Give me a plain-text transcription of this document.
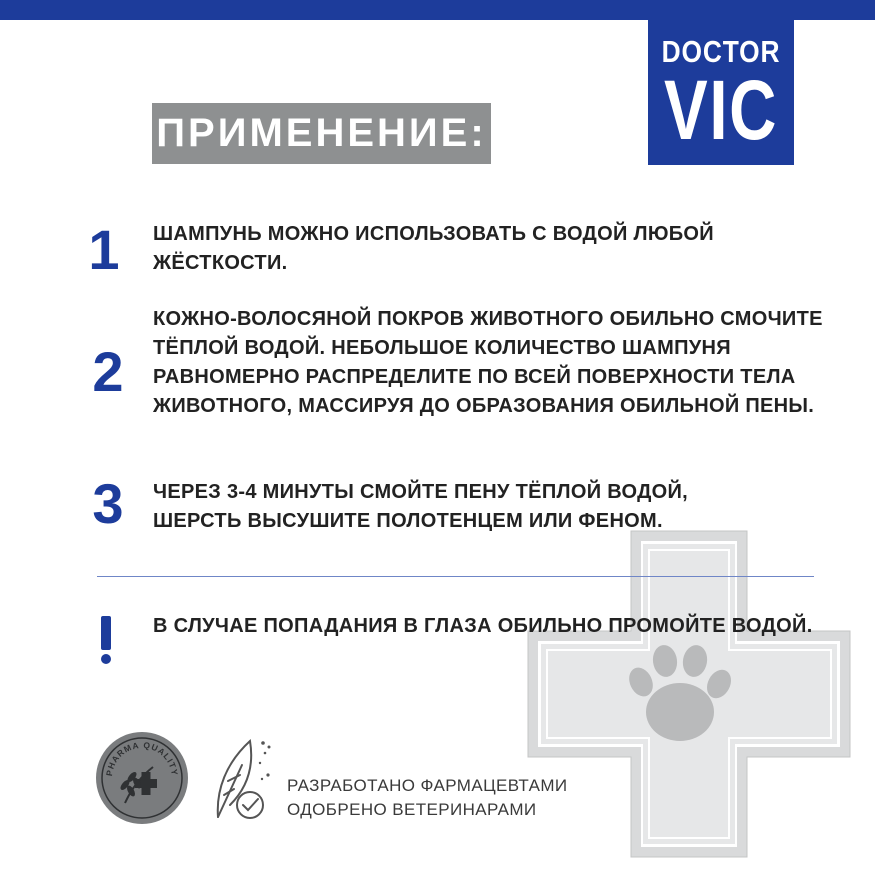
DOCTOR
VIC
ПРИМЕНЕНИЕ:
1 ШАМПУНЬ МОЖНО ИСПОЛЬЗОВАТЬ С ВОДОЙ ЛЮБОЙ ЖЁСТКОСТИ.
2
КОЖНО-ВОЛОСЯНОЙ ПОКРОВ ЖИВОТНОГО ОБИЛЬНО СМОЧИТЕ ТЁПЛОЙ ВОДОЙ. НЕБОЛЬШОЕ КОЛИЧЕСТВО ШАМПУНЯ РАВНОМЕРНО РАСПРЕДЕЛИТЕ ПО ВСЕЙ ПОВЕРХНОСТИ ТЕЛА ЖИВОТНОГО, МАССИРУЯ ДО ОБРАЗОВАНИЯ ОБИЛЬНОЙ ПЕНЫ.
3 ЧЕРЕЗ 3-4 МИНУТЫ СМОЙТЕ ПЕНУ ТЁПЛОЙ ВОДОЙ, ШЕРСТЬ ВЫСУШИТЕ ПОЛОТЕНЦЕМ ИЛИ ФЕНОМ.
В СЛУЧАЕ ПОПАДАНИЯ В ГЛАЗА ОБИЛЬНО ПРОМОЙТЕ ВОДОЙ.
PHARMA QUALITY
РАЗРАБОТАНО ФАРМАЦЕВТАМИ
ОДОБРЕНО ВЕТЕРИНАРАМИ
